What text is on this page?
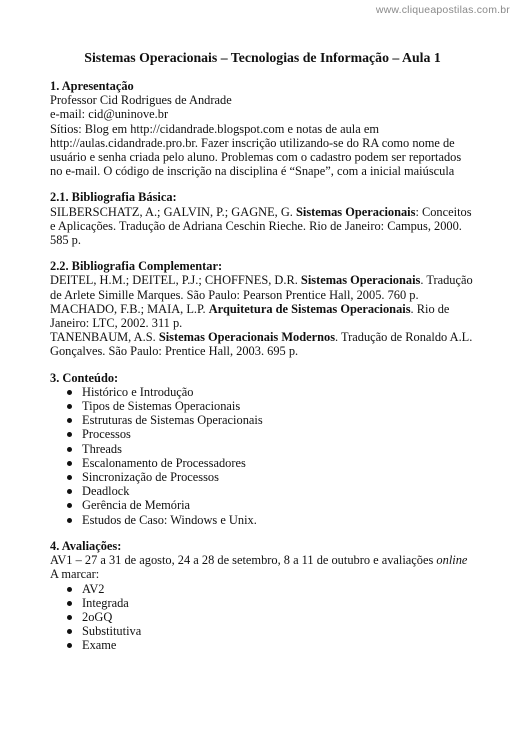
www.cliqueapostilas.com.br
Sistemas Operacionais – Tecnologias de Informação – Aula 1
1. Apresentação

Professor Cid Rodrigues de Andrade

e-mail: cid@uninove.br

Sítios: Blog em http://cidandrade.blogspot.com e notas de aula em

http://aulas.cidandrade.pro.br. Fazer inscrição utilizando-se do RA como nome de

usuário e senha criada pelo aluno. Problemas com o cadastro podem ser reportados

no e-mail. O código de inscrição na disciplina é “Snape”, com a inicial maiúscula

2.1. Bibliografia Básica:
SILBERSCHATZ, A.; GALVIN, P.; GAGNE, G. Sistemas Operacionais: Conceitos e Aplicações. Tradução de Adriana Ceschin Rieche. Rio de Janeiro: Campus, 2000. 585 p.
2.2. Bibliografia Complementar:
DEITEL, H.M.; DEITEL, P.J.; CHOFFNES, D.R. Sistemas Operacionais. Tradução de Arlete Simille Marques. São Paulo: Pearson Prentice Hall, 2005. 760 p.
MACHADO, F.B.; MAIA, L.P. Arquitetura de Sistemas Operacionais. Rio de Janeiro: LTC, 2002. 311 p.
TANENBAUM, A.S. Sistemas Operacionais Modernos. Tradução de Ronaldo A.L. Gonçalves. São Paulo: Prentice Hall, 2003. 695 p.
3. Conteúdo:
Histórico e Introdução
Tipos de Sistemas Operacionais
Estruturas de Sistemas Operacionais
Processos
Threads
Escalonamento de Processadores
Sincronização de Processos
Deadlock
Gerência de Memória
Estudos de Caso: Windows e Unix.
4. Avaliações:

AV1 – 27 a 31 de agosto, 24 a 28 de setembro, 8 a 11 de outubro e avaliações online

A marcar:

AV2
Integrada
2oGQ
Substitutiva
Exame
